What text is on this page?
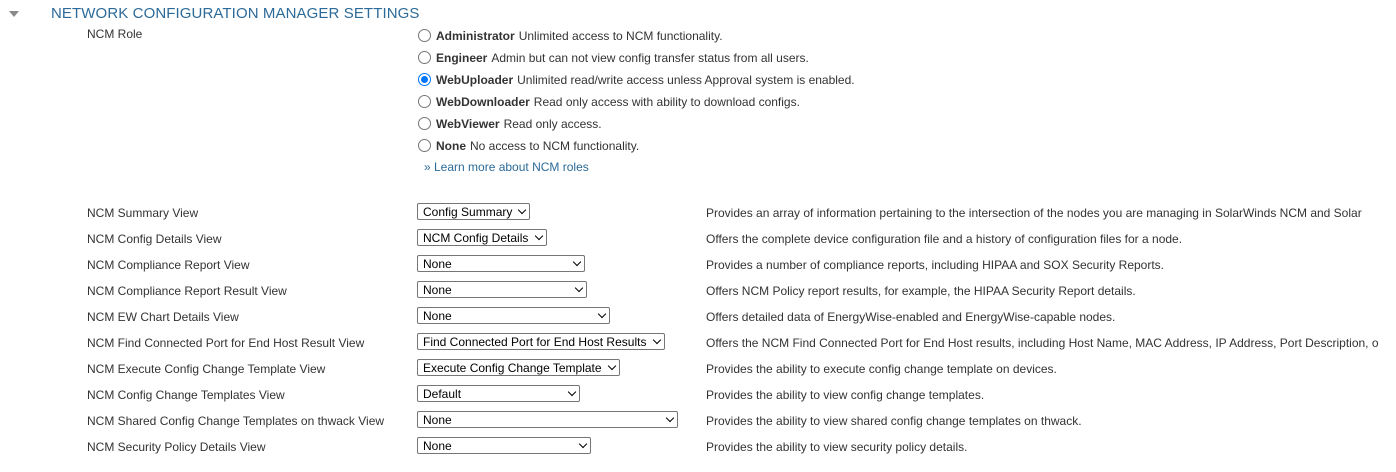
NETWORK CONFIGURATION MANAGER SETTINGS
NCM Role	Administrator Unlimited access to NCM functionality.
Engineer Admin but can not view config transfer status from all users.
WebUploader Unlimited read/write access unless Approval system is enabled.
WebDownloader Read only access with ability to download configs.
WebViewer Read only access.
None No access to NCM functionality.
» Learn more about NCM roles
NCM Summary View	Config Summary	Provides an array of information pertaining to the intersection of the nodes you are managing in SolarWinds NCM and Solar
NCM Config Details View	NCM Config Details	Offers the complete device configuration file and a history of configuration files for a node.
NCM Compliance Report View	None	Provides a number of compliance reports, including HIPAA and SOX Security Reports.
NCM Compliance Report Result View	None	Offers NCM Policy report results, for example, the HIPAA Security Report details.
NCM EW Chart Details View	None	Offers detailed data of EnergyWise-enabled and EnergyWise-capable nodes.
NCM Find Connected Port for End Host Result View	Find Connected Port for End Host Results	Offers the NCM Find Connected Port for End Host results, including Host Name, MAC Address, IP Address, Port Description, o
NCM Execute Config Change Template View	Execute Config Change Template	Provides the ability to execute config change template on devices.
NCM Config Change Templates View	Default	Provides the ability to view config change templates.
NCM Shared Config Change Templates on thwack View	None	Provides the ability to view shared config change templates on thwack.
NCM Security Policy Details View	None	Provides the ability to view security policy details.
